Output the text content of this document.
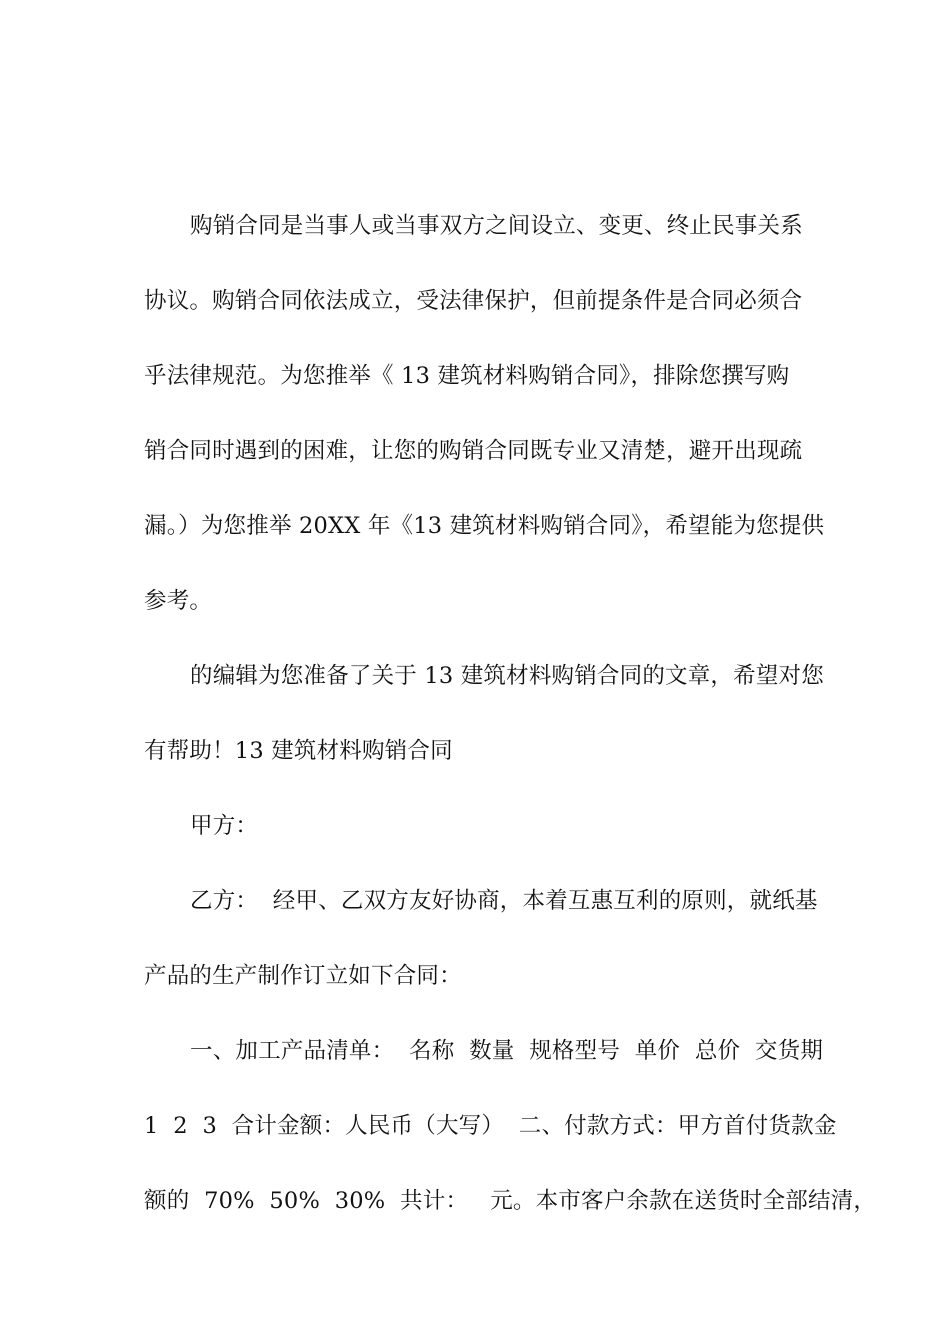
购销合同是当事人或当事双方之间设立、变更、终止民事关系
协议。购销合同依法成立，受法律保护，但前提条件是合同必须合
乎法律规范。为您推举《 13 建筑材料购销合同》，排除您撰写购
销合同时遇到的困难，让您的购销合同既专业又清楚，避开出现疏
漏。）为您推举 20XX 年《13 建筑材料购销合同》，希望能为您提供
参考。
的编辑为您准备了关于 13 建筑材料购销合同的文章，希望对您
有帮助！13 建筑材料购销合同
甲方：
乙方：  经甲、乙双方友好协商，本着互惠互利的原则，就纸基
产品的生产制作订立如下合同：
一、加工产品清单：  名称  数量  规格型号  单价  总价  交货期
1  2  3  合计金额：人民币（大写）  二、付款方式：甲方首付货款金
额的  70%  50%  30%  共计：   元。本市客户余款在送货时全部结清，
